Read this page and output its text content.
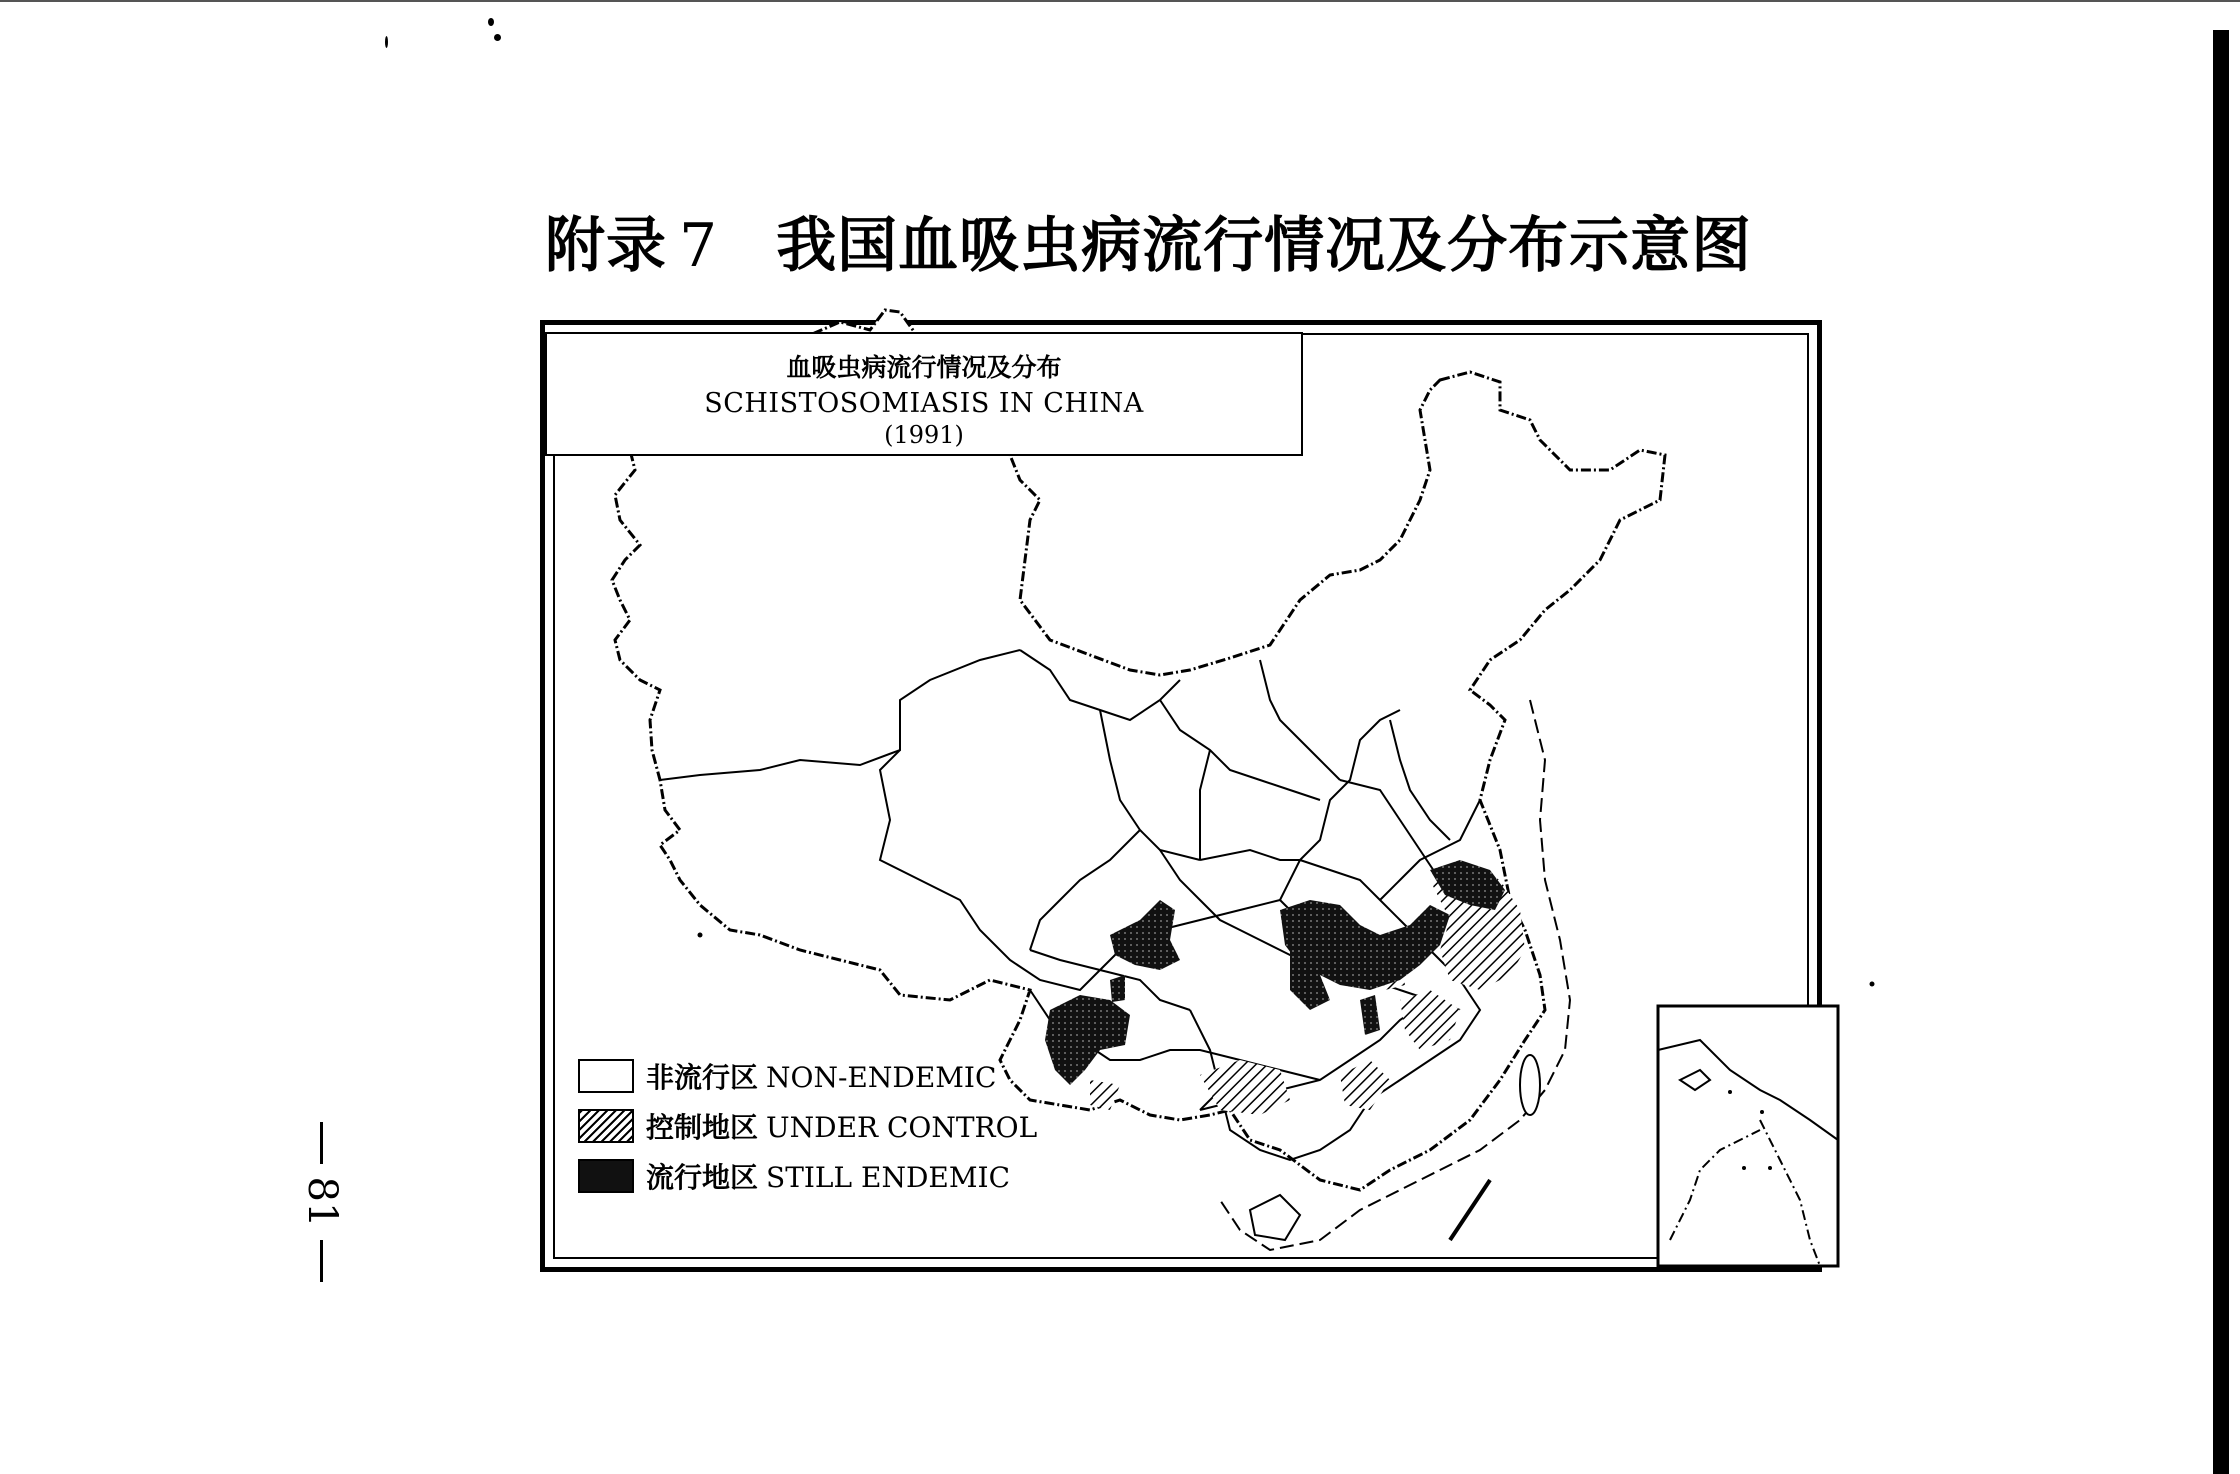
附录 7 我国血吸虫病流行情况及分布示意图
血吸虫病流行情况及分布
SCHISTOSOMIASIS IN CHINA
(1991)
非流行区 NON-ENDEMIC
控制地区 UNDER CONTROL
流行地区 STILL ENDEMIC
81
